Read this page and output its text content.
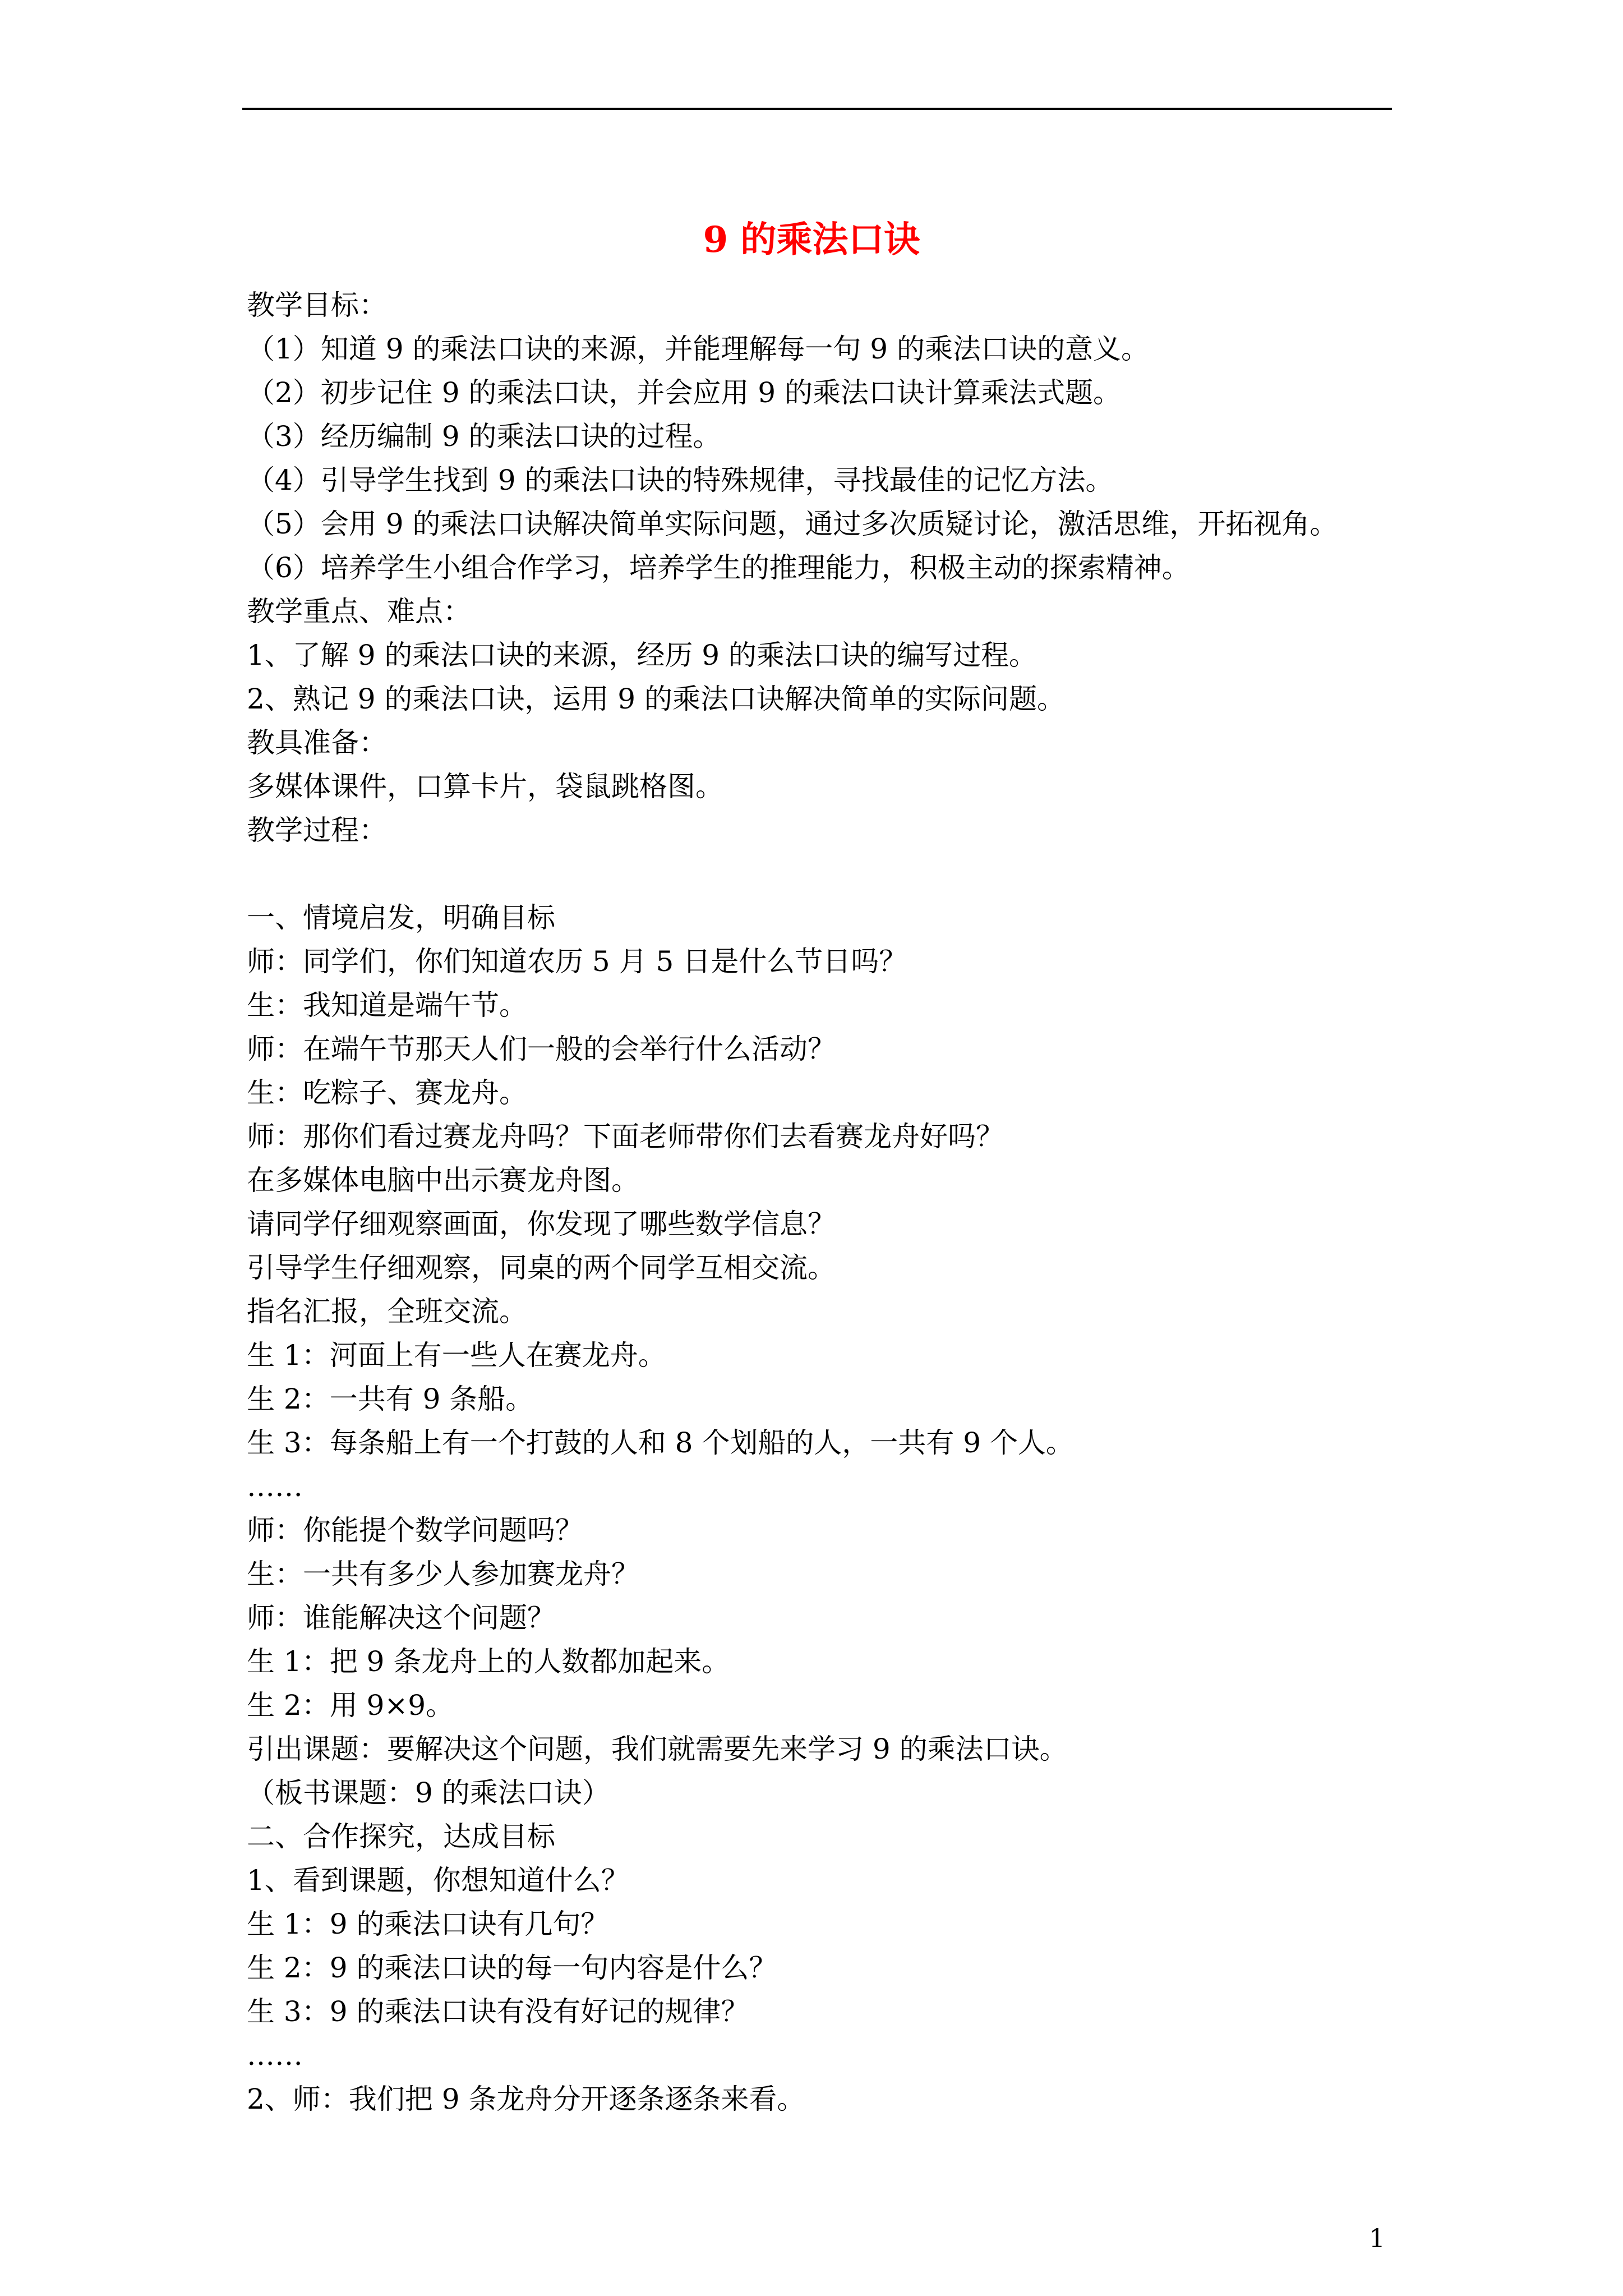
9 的乘法口诀
教学目标：
（1）知道 9 的乘法口诀的来源，并能理解每一句 9 的乘法口诀的意义。
（2）初步记住 9 的乘法口诀，并会应用 9 的乘法口诀计算乘法式题。
（3）经历编制 9 的乘法口诀的过程。
（4）引导学生找到 9 的乘法口诀的特殊规律，寻找最佳的记忆方法。
（5）会用 9 的乘法口诀解决简单实际问题，通过多次质疑讨论，激活思维，开拓视角。
（6）培养学生小组合作学习，培养学生的推理能力，积极主动的探索精神。
教学重点、难点：
1、了解 9 的乘法口诀的来源，经历 9 的乘法口诀的编写过程。
2、熟记 9 的乘法口诀，运用 9 的乘法口诀解决简单的实际问题。
教具准备：
多媒体课件，口算卡片，袋鼠跳格图。
教学过程：
一、情境启发，明确目标
师：同学们，你们知道农历 5 月 5 日是什么节日吗？
生：我知道是端午节。
师：在端午节那天人们一般的会举行什么活动？
生：吃粽子、赛龙舟。
师：那你们看过赛龙舟吗？下面老师带你们去看赛龙舟好吗？
在多媒体电脑中出示赛龙舟图。
请同学仔细观察画面，你发现了哪些数学信息？
引导学生仔细观察，同桌的两个同学互相交流。
指名汇报，全班交流。
生 1：河面上有一些人在赛龙舟。
生 2：一共有 9 条船。
生 3：每条船上有一个打鼓的人和 8 个划船的人，一共有 9 个人。
……
师：你能提个数学问题吗？
生：一共有多少人参加赛龙舟？
师：谁能解决这个问题？
生 1：把 9 条龙舟上的人数都加起来。
生 2：用 9×9。
引出课题：要解决这个问题，我们就需要先来学习 9 的乘法口诀。
（板书课题：9 的乘法口诀）
二、合作探究，达成目标
1、看到课题，你想知道什么？
生 1：9 的乘法口诀有几句？
生 2：9 的乘法口诀的每一句内容是什么？
生 3：9 的乘法口诀有没有好记的规律？
……
2、师：我们把 9 条龙舟分开逐条逐条来看。
1
